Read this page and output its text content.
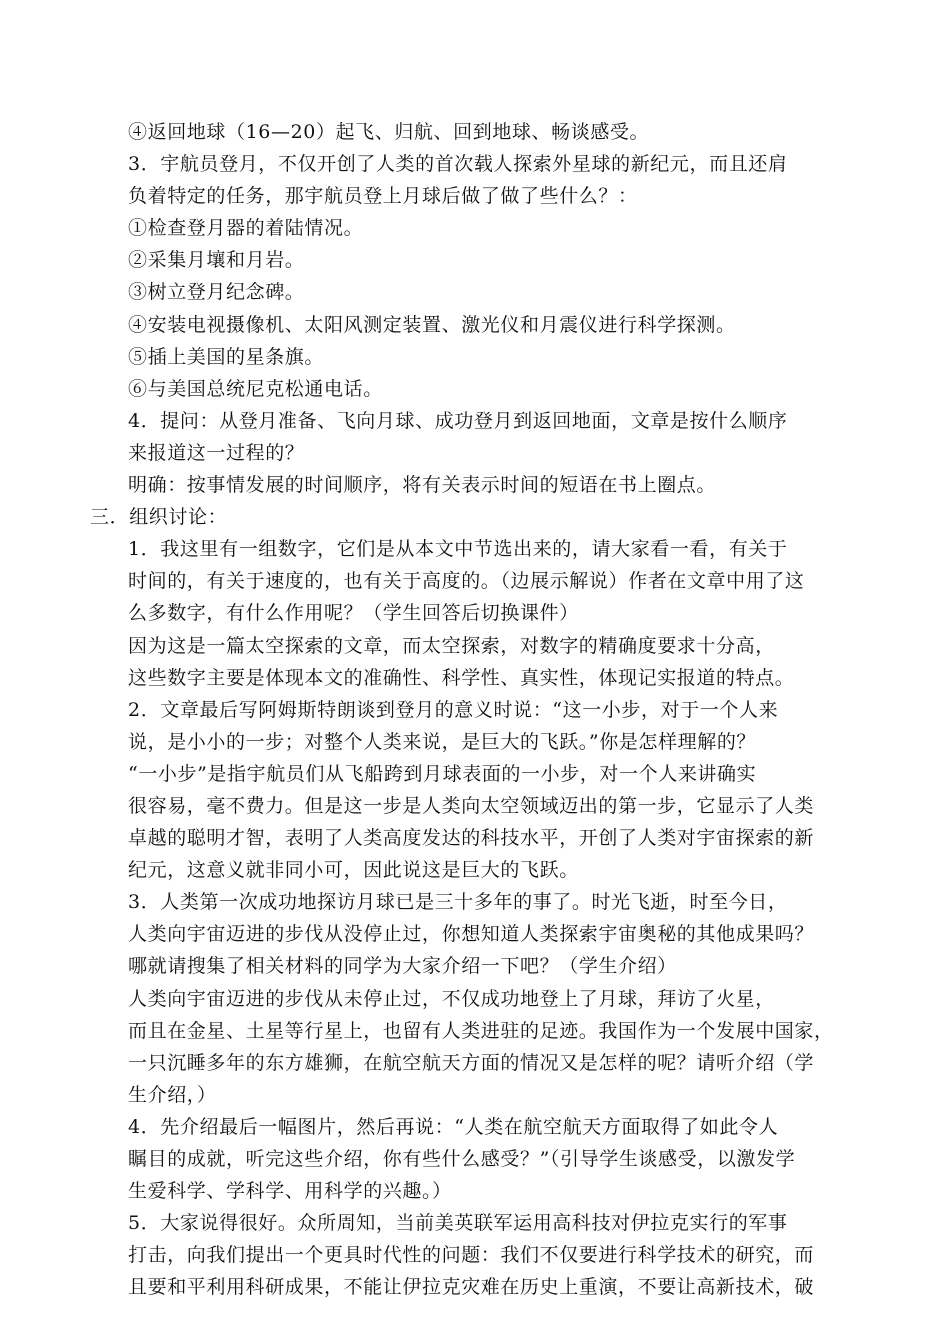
④返回地球（16—20）起飞、归航、回到地球、畅谈感受。

3．宇航员登月，不仅开创了人类的首次载人探索外星球的新纪元，而且还肩
负着特定的任务，那宇航员登上月球后做了做了些什么？：

①检查登月器的着陆情况。

②采集月壤和月岩。

③树立登月纪念碑。

④安装电视摄像机、太阳风测定装置、激光仪和月震仪进行科学探测。

⑤插上美国的星条旗。

⑥与美国总统尼克松通电话。

4．提问：从登月准备、飞向月球、成功登月到返回地面，文章是按什么顺序
来报道这一过程的？

明确：按事情发展的时间顺序，将有关表示时间的短语在书上圈点。

三．组织讨论：

1．我这里有一组数字，它们是从本文中节选出来的，请大家看一看，有关于
时间的，有关于速度的，也有关于高度的。（边展示解说）作者在文章中用了这
么多数字，有什么作用呢？（学生回答后切换课件）

因为这是一篇太空探索的文章，而太空探索，对数字的精确度要求十分高，
这些数字主要是体现本文的准确性、科学性、真实性，体现记实报道的特点。

2．文章最后写阿姆斯特朗谈到登月的意义时说：“这一小步，对于一个人来
说，是小小的一步；对整个人类来说，是巨大的飞跃。”你是怎样理解的？

“一小步”是指宇航员们从飞船跨到月球表面的一小步，对一个人来讲确实
很容易，毫不费力。但是这一步是人类向太空领域迈出的第一步，它显示了人类
卓越的聪明才智，表明了人类高度发达的科技水平，开创了人类对宇宙探索的新
纪元，这意义就非同小可，因此说这是巨大的飞跃。

3．人类第一次成功地探访月球已是三十多年的事了。时光飞逝，时至今日，
人类向宇宙迈进的步伐从没停止过，你想知道人类探索宇宙奥秘的其他成果吗？
哪就请搜集了相关材料的同学为大家介绍一下吧？（学生介绍）

人类向宇宙迈进的步伐从未停止过，不仅成功地登上了月球，拜访了火星，
而且在金星、土星等行星上，也留有人类进驻的足迹。我国作为一个发展中国家，
一只沉睡多年的东方雄狮，在航空航天方面的情况又是怎样的呢？请听介绍（学
生介绍，）

4．先介绍最后一幅图片，然后再说：“人类在航空航天方面取得了如此令人
瞩目的成就，听完这些介绍，你有些什么感受？”（引导学生谈感受，以激发学
生爱科学、学科学、用科学的兴趣。）

5．大家说得很好。众所周知，当前美英联军运用高科技对伊拉克实行的军事
打击，向我们提出一个更具时代性的问题：我们不仅要进行科学技术的研究，而
且要和平利用科研成果，不能让伊拉克灾难在历史上重演，不要让高新技术，破
